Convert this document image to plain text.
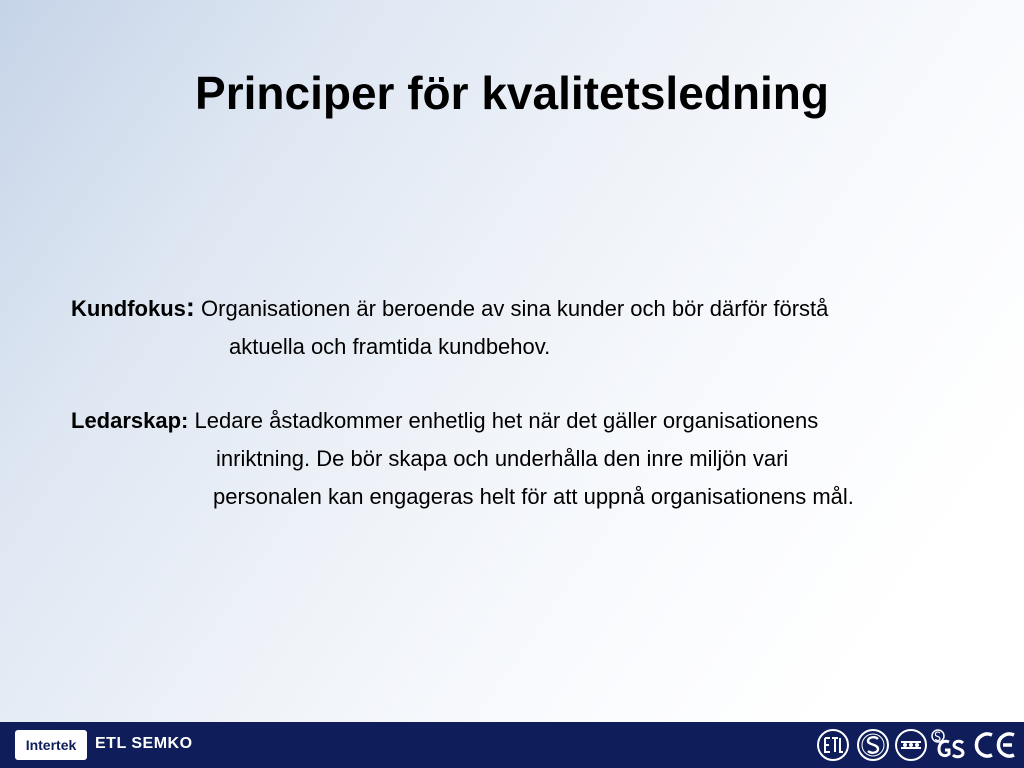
Principer för kvalitetsledning
Kundfokus: Organisationen är beroende av sina kunder och bör därför förstå
aktuella och framtida kundbehov.
Ledarskap: Ledare åstadkommer enhetlig het när det gäller organisationens
inriktning. De bör skapa och underhålla den inre miljön vari
personalen kan engageras helt för att uppnå organisationens mål.
Intertek ETL SEMKO
